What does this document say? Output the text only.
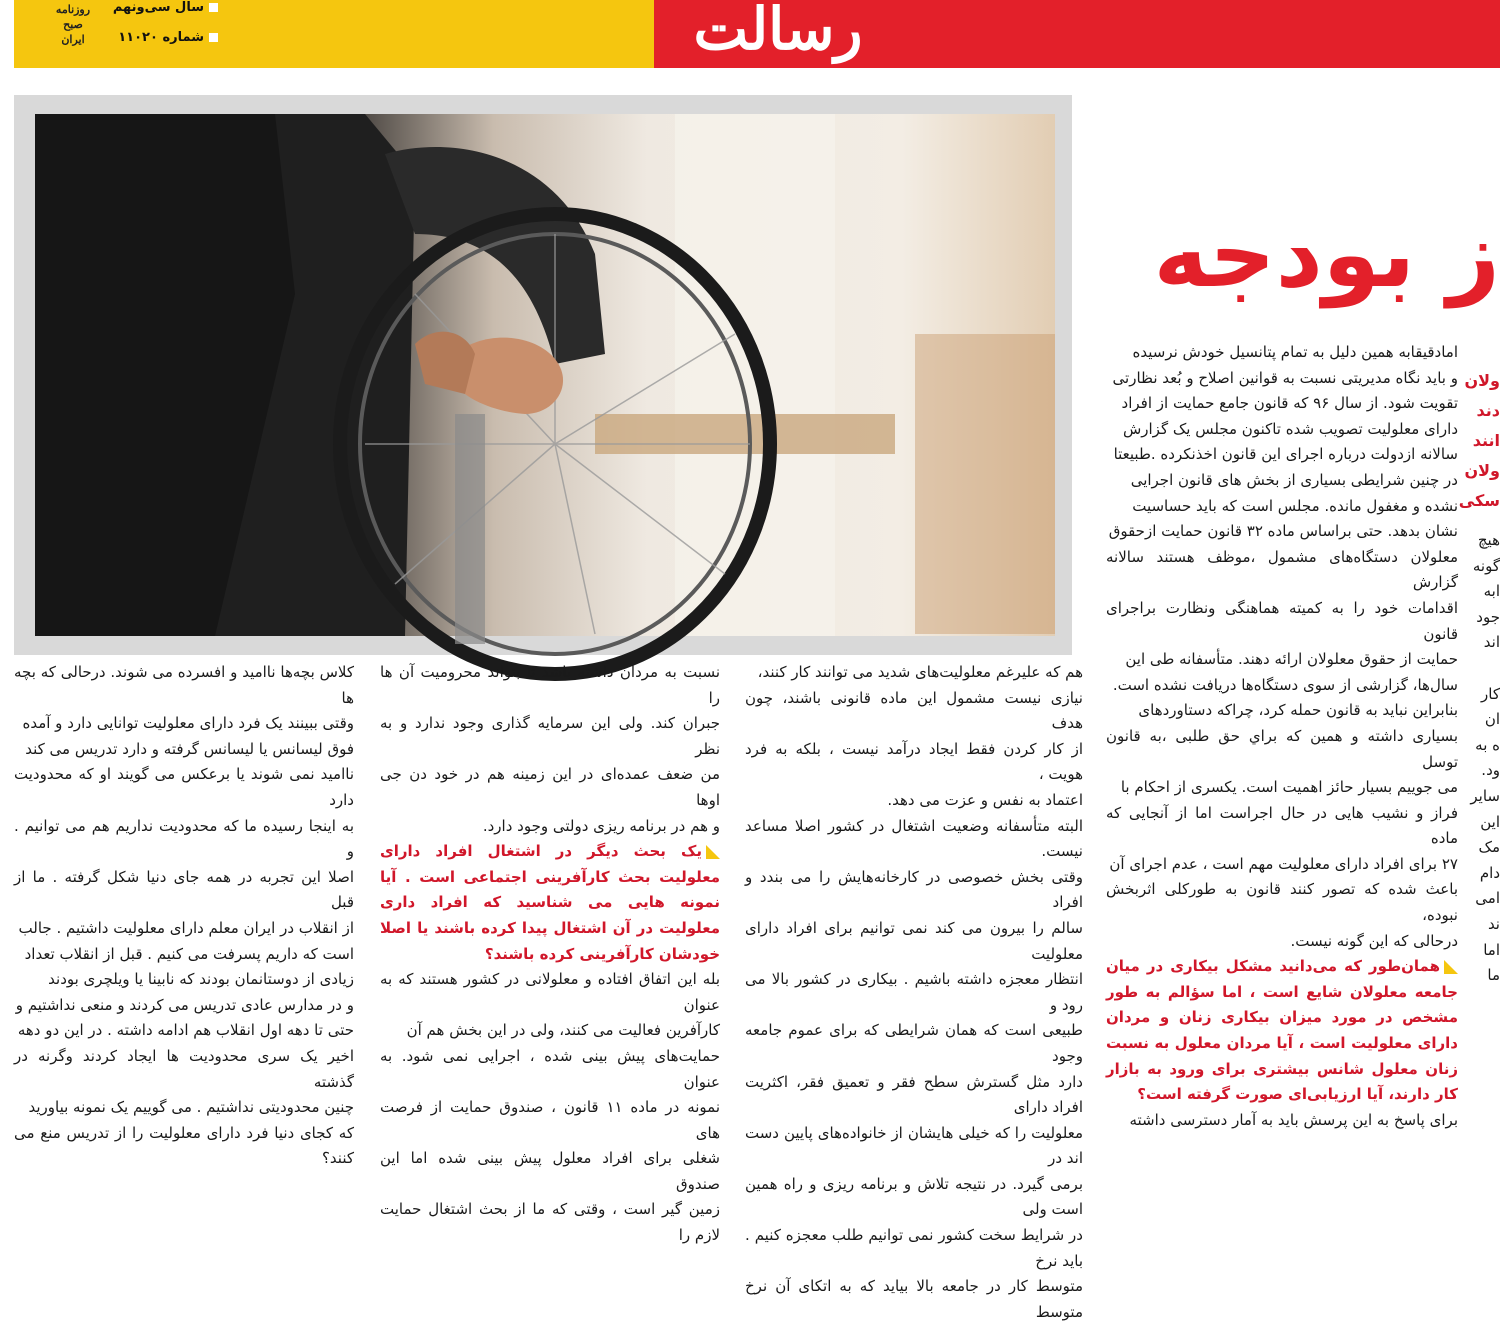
روزنامه
صبح
ایران
سال سی‌ونهم
شماره ۱۱۰۲۰	رسالت
ز بودجه

امادقیقابه همین دلیل به تمام پتانسیل خودش نرسیده

و باید نگاه مدیریتی نسبت به قوانین اصلاح و بُعد نظارتی

تقویت شود. از سال ۹۶ که قانون جامع حمایت از افراد

دارای معلولیت تصویب شده تاکنون مجلس یک گزارش

سالانه ازدولت درباره اجرای این قانون اخذنکرده .طبیعتا

در چنین شرایطی بسیاری از بخش های قانون اجرایی

نشده و مغفول مانده. مجلس است که باید حساسیت

نشان بدهد. حتی براساس ماده ۳۲ قانون حمایت ازحقوق

معلولان دستگاه‌های مشمول ،موظف هستند سالانه گزارش

اقدامات خود را به کمیته هماهنگی ونظارت براجرای قانون

حمایت از حقوق معلولان ارائه دهند. متأسفانه طی این

سال‌ها، گزارشی از سوی دستگاه‌ها دریافت نشده است.

بنابراین نباید به قانون حمله کرد، چراکه دستاوردهای

بسیاری داشته و همین که براي حق طلبی ،به قانون توسل

می جوییم بسیار حائز اهمیت است. یکسری از احکام با

فراز و نشیب هایی در حال اجراست اما از آنجایی که ماده

۲۷ برای افراد دارای معلولیت مهم است ، عدم اجرای آن

باعث شده که تصور کنند قانون به طورکلی اثربخش نبوده،

درحالی که این گونه نیست.

همان‌طور که می‌دانید مشکل بیکاری در میان جامعه معلولان شایع است ، اما سؤالم به طور مشخص در مورد میزان بیکاری زنان و مردان دارای معلولیت است ، آیا مردان معلول به نسبت زنان معلول شانس بیشتری برای ورود به بازار کار دارند، آیا ارزیابی‌ای صورت گرفته است؟

برای پاسخ به این پرسش باید به آمار دسترسی داشته

هم که علیرغم معلولیت‌های شدید می توانند کار کنند،

نیازی نیست مشمول این ماده قانونی باشند، چون هدف

از کار کردن فقط ایجاد درآمد نیست ، بلکه به فرد هویت ،

اعتماد به نفس و عزت می دهد.

البته متأسفانه وضعیت اشتغال در کشور اصلا مساعد نیست.

وقتی بخش خصوصی در کارخانه‌هایش را می بندد و افراد

سالم را بیرون می کند نمی توانیم برای افراد دارای معلولیت

انتظار معجزه داشته باشیم . بیکاری در کشور بالا می رود و

طبیعی است که همان شرایطی که برای عموم جامعه وجود

دارد مثل گسترش سطح فقر و تعمیق فقر، اکثریت افراد دارای

معلولیت را که خیلی هایشان از خانواده‌های پایین دست اند در

برمی گیرد. در نتیجه تلاش و برنامه ریزی و راه همین است ولی

در شرایط سخت کشور نمی توانیم طلب معجزه کنیم . باید نرخ

متوسط کار در جامعه بالا بیاید که به اتکای آن نرخ متوسط

نسبت به مردان داشته باشد تا بتواند محرومیت آن ها را

جبران کند. ولی این سرمایه گذاری وجود ندارد و به نظر

من ضعف عمده‌ای در این زمینه هم در خود دن جی اوها

و هم در برنامه ریزی دولتی وجود دارد.

یک بحث دیگر در اشتغال افراد دارای معلولیت بحث کارآفرینی اجتماعی است . آیا نمونه هایی می شناسید که افراد داری معلولیت در آن اشتغال پیدا کرده باشند یا اصلا خودشان کارآفرینی کرده باشند؟

بله این اتفاق افتاده و معلولانی در کشور هستند که به عنوان

کارآفرین فعالیت می کنند، ولی در این بخش هم آن

حمایت‌های پیش بینی شده ، اجرایی نمی شود. به عنوان

نمونه در ماده ۱۱ قانون ، صندوق حمایت از فرصت های

شغلی برای افراد معلول پیش بینی شده اما این صندوق

زمین گیر است ، وقتی که ما از بحث اشتغال حمایت لازم را

کلاس بچه‌ها ناامید و افسرده می شوند. درحالی که بچه ها

وقتی ببینند یک فرد دارای معلولیت توانایی دارد و آمده

فوق لیسانس یا لیسانس گرفته و دارد تدریس می کند

ناامید نمی شوند یا برعکس می گویند او که محدودیت دارد

به اینجا رسیده ما که محدودیت نداریم هم می توانیم . و

اصلا این تجربه در همه جای دنیا شکل گرفته . ما از قبل

از انقلاب در ایران معلم دارای معلولیت داشتیم . جالب

است که داریم پسرفت می کنیم . قبل از انقلاب تعداد

زیادی از دوستانمان بودند که نابینا یا ویلچری بودند

و در مدارس عادی تدریس می کردند و منعی نداشتیم و

حتی تا دهه اول انقلاب هم ادامه داشته . در این دو دهه

اخیر یک سری محدودیت ها ایجاد کردند وگرنه در گذشته

چنین محدودیتی نداشتیم . می گوییم یک نمونه بیاورید

که کجای دنیا فرد دارای معلولیت را از تدریس منع می کنند؟

ولان
دند
انند
ولان
سکی
هیچ
گونه
ابه
جود
اند

کار
ان
ه به
ود.
ساير
این
مک
دام
امی
ند
اما
ما
